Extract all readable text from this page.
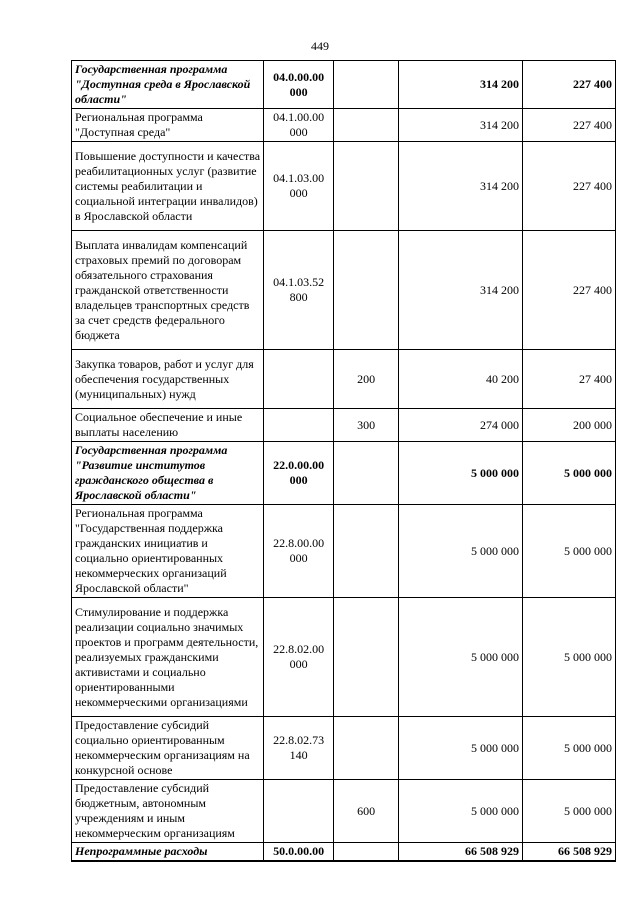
449
Государственная программа "Доступная среда в Ярославской области"	04.0.00.00 000		314 200	227 400
Региональная программа "Доступная среда"	04.1.00.00 000		314 200	227 400
Повышение доступности и качества реабилитационных услуг (развитие системы реабилитации и социальной интеграции инвалидов) в Ярославской области	04.1.03.00 000		314 200	227 400
Выплата инвалидам компенсаций страховых премий по договорам обязательного страхования гражданской ответственности владельцев транспортных средств за счет средств федерального бюджета	04.1.03.52 800		314 200	227 400
Закупка товаров, работ и услуг для обеспечения государственных (муниципальных) нужд		200	40 200	27 400
Социальное обеспечение и иные выплаты населению		300	274 000	200 000
Государственная программа "Развитие институтов гражданского общества в Ярославской области"	22.0.00.00 000		5 000 000	5 000 000
Региональная программа "Государственная поддержка гражданских инициатив и социально ориентированных некоммерческих организаций Ярославской области"	22.8.00.00 000		5 000 000	5 000 000
Стимулирование и поддержка реализации социально значимых проектов и программ деятельности, реализуемых гражданскими активистами и социально ориентированными некоммерческими организациями	22.8.02.00 000		5 000 000	5 000 000
Предоставление субсидий социально ориентированным некоммерческим организациям на конкурсной основе	22.8.02.73 140		5 000 000	5 000 000
Предоставление субсидий бюджетным, автономным учреждениям и иным некоммерческим организациям		600	5 000 000	5 000 000
Непрограммные расходы	50.0.00.00		66 508 929	66 508 929
